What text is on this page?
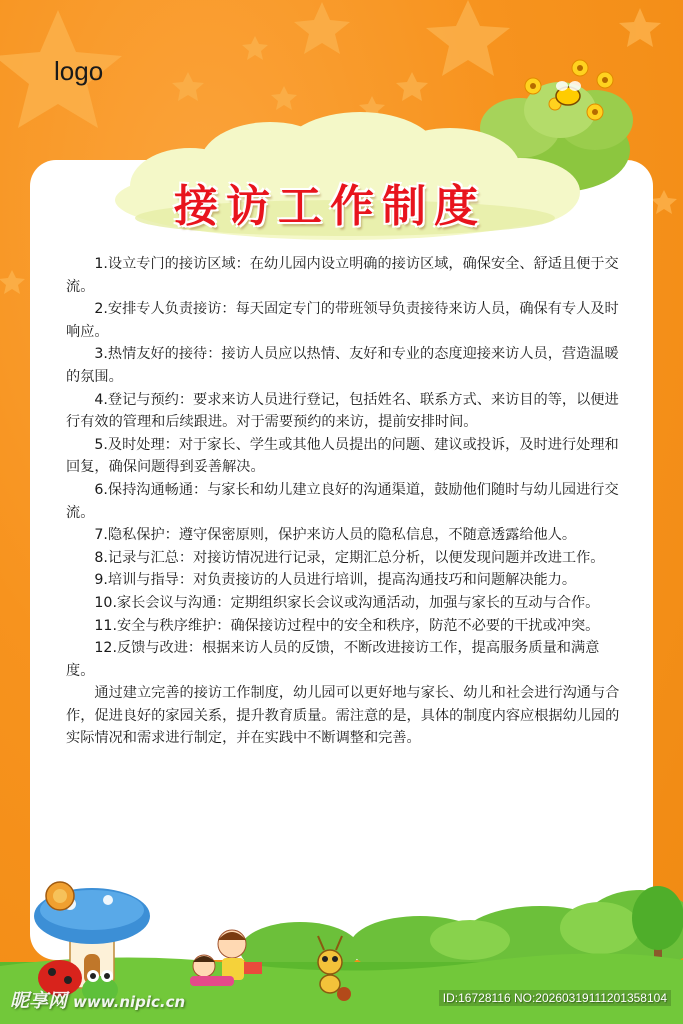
logo
接访工作制度

1.设立专门的接访区域：在幼儿园内设立明确的接访区域，确保安全、舒适且便于交流。

2.安排专人负责接访：每天固定专门的带班领导负责接待来访人员，确保有专人及时响应。

3.热情友好的接待：接访人员应以热情、友好和专业的态度迎接来访人员，营造温暖的氛围。

4.登记与预约：要求来访人员进行登记，包括姓名、联系方式、来访目的等，以便进行有效的管理和后续跟进。对于需要预约的来访，提前安排时间。

5.及时处理：对于家长、学生或其他人员提出的问题、建议或投诉，及时进行处理和回复，确保问题得到妥善解决。

6.保持沟通畅通：与家长和幼儿建立良好的沟通渠道，鼓励他们随时与幼儿园进行交流。

7.隐私保护：遵守保密原则，保护来访人员的隐私信息，不随意透露给他人。

8.记录与汇总：对接访情况进行记录，定期汇总分析，以便发现问题并改进工作。

9.培训与指导：对负责接访的人员进行培训，提高沟通技巧和问题解决能力。

10.家长会议与沟通：定期组织家长会议或沟通活动，加强与家长的互动与合作。

11.安全与秩序维护：确保接访过程中的安全和秩序，防范不必要的干扰或冲突。

12.反馈与改进：根据来访人员的反馈，不断改进接访工作，提高服务质量和满意度。

通过建立完善的接访工作制度，幼儿园可以更好地与家长、幼儿和社会进行沟通与合作，促进良好的家园关系，提升教育质量。需注意的是，具体的制度内容应根据幼儿园的实际情况和需求进行制定，并在实践中不断调整和完善。

昵享网 www.nipic.cn	ID:16728116 NO:20260319111201358104
